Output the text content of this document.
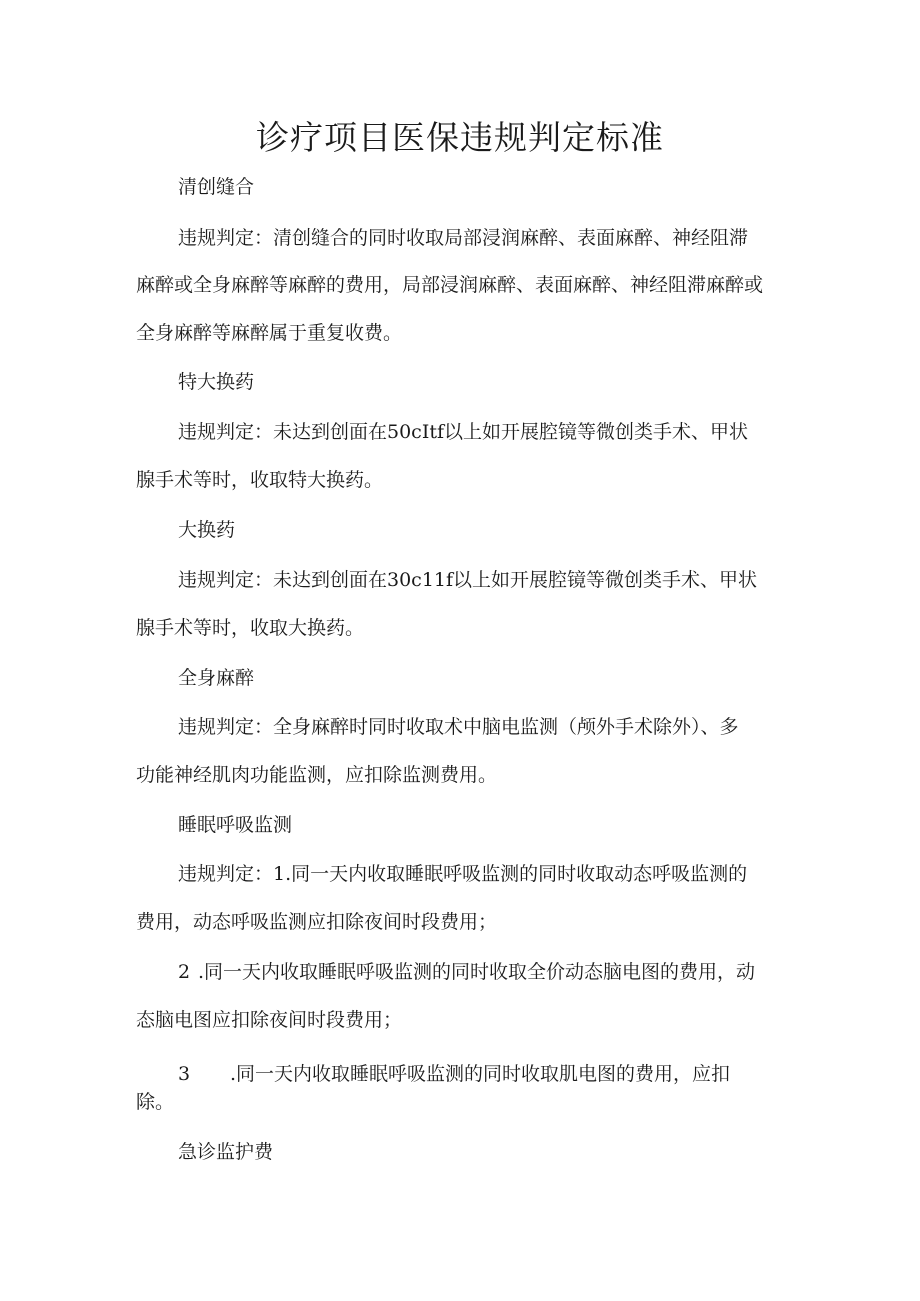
诊疗项目医保违规判定标准

清创缝合

违规判定：清创缝合的同时收取局部浸润麻醉、表面麻醉、神经阻滞

麻醉或全身麻醉等麻醉的费用，局部浸润麻醉、表面麻醉、神经阻滞麻醉或

全身麻醉等麻醉属于重复收费。

特大换药

违规判定：未达到创面在50cItf以上如开展腔镜等微创类手术、甲状

腺手术等时，收取特大换药。

大换药

违规判定：未达到创面在30c11f以上如开展腔镜等微创类手术、甲状

腺手术等时，收取大换药。

全身麻醉

违规判定：全身麻醉时同时收取术中脑电监测（颅外手术除外）、多

功能神经肌肉功能监测，应扣除监测费用。

睡眠呼吸监测

违规判定：1.同一天内收取睡眠呼吸监测的同时收取动态呼吸监测的

费用，动态呼吸监测应扣除夜间时段费用；

2 .同一天内收取睡眠呼吸监测的同时收取全价动态脑电图的费用，动

态脑电图应扣除夜间时段费用；

3 .同一天内收取睡眠呼吸监测的同时收取肌电图的费用，应扣

除。

急诊监护费
